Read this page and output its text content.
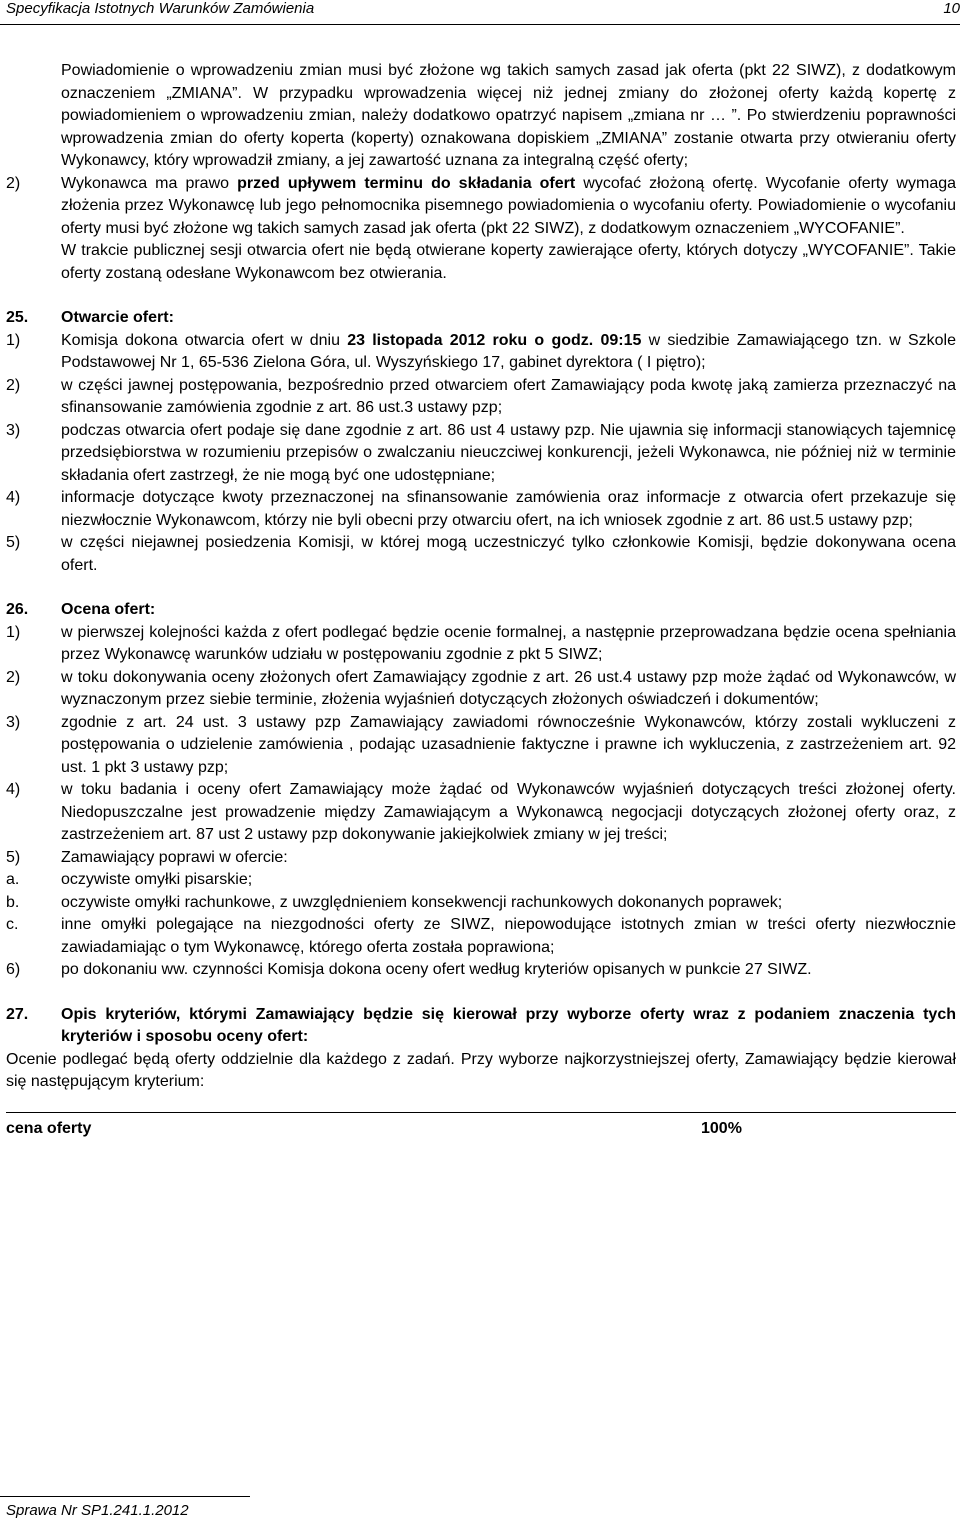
Specyfikacja Istotnych Warunków Zamówienia	10
Powiadomienie o wprowadzeniu zmian musi być złożone wg takich samych zasad jak oferta (pkt 22 SIWZ), z dodatkowym oznaczeniem „ZMIANA”. W przypadku wprowadzenia więcej niż jednej zmiany do złożonej oferty każdą kopertę z powiadomieniem o wprowadzeniu zmian, należy dodatkowo opatrzyć napisem „zmiana nr … ”. Po stwierdzeniu poprawności wprowadzenia zmian do oferty koperta (koperty) oznakowana dopiskiem „ZMIANA” zostanie otwarta przy otwieraniu oferty Wykonawcy, który wprowadził zmiany, a jej zawartość uznana za integralną część oferty;
2)	Wykonawca ma prawo przed upływem terminu do składania ofert wycofać złożoną ofertę. Wycofanie oferty wymaga złożenia przez Wykonawcę lub jego pełnomocnika pisemnego powiadomienia o wycofaniu oferty. Powiadomienie o wycofaniu oferty musi być złożone wg takich samych zasad jak oferta (pkt 22 SIWZ), z dodatkowym oznaczeniem „WYCOFANIE”.
W trakcie publicznej sesji otwarcia ofert nie będą otwierane koperty zawierające oferty, których dotyczy „WYCOFANIE”. Takie oferty zostaną odesłane Wykonawcom bez otwierania.
25. Otwarcie ofert:
1)	Komisja dokona otwarcia ofert w dniu 23 listopada 2012 roku o godz. 09:15 w siedzibie Zamawiającego tzn. w Szkole Podstawowej Nr 1, 65-536 Zielona Góra, ul. Wyszyńskiego 17, gabinet dyrektora ( I piętro);
2)	w części jawnej postępowania, bezpośrednio przed otwarciem ofert Zamawiający poda kwotę jaką zamierza przeznaczyć na sfinansowanie zamówienia zgodnie z art. 86 ust.3 ustawy pzp;
3)	podczas otwarcia ofert podaje się dane zgodnie z art. 86 ust 4 ustawy pzp. Nie ujawnia się informacji stanowiących tajemnicę przedsiębiorstwa w rozumieniu przepisów o zwalczaniu nieuczciwej konkurencji, jeżeli Wykonawca, nie później niż w terminie składania ofert zastrzegł, że nie mogą być one udostępniane;
4)	informacje dotyczące kwoty przeznaczonej na sfinansowanie zamówienia oraz informacje z otwarcia ofert przekazuje się niezwłocznie Wykonawcom, którzy nie byli obecni przy otwarciu ofert, na ich wniosek zgodnie z art. 86 ust.5 ustawy pzp;
5)	w części niejawnej posiedzenia Komisji, w której mogą uczestniczyć tylko członkowie Komisji, będzie dokonywana ocena ofert.
26. Ocena ofert:
1)	w pierwszej kolejności każda z ofert podlegać będzie ocenie formalnej, a następnie przeprowadzana będzie ocena spełniania przez Wykonawcę warunków udziału w postępowaniu zgodnie z pkt 5 SIWZ;
2)	w toku dokonywania oceny złożonych ofert Zamawiający zgodnie z art. 26 ust.4 ustawy pzp może żądać od Wykonawców, w wyznaczonym przez siebie terminie, złożenia wyjaśnień dotyczących złożonych oświadczeń i dokumentów;
3)	zgodnie z art. 24 ust. 3 ustawy pzp Zamawiający zawiadomi równocześnie Wykonawców, którzy zostali wykluczeni z postępowania o udzielenie zamówienia , podając uzasadnienie faktyczne i prawne ich wykluczenia, z zastrzeżeniem art. 92 ust. 1 pkt 3 ustawy pzp;
4)	w toku badania i oceny ofert Zamawiający może żądać od Wykonawców wyjaśnień dotyczących treści złożonej oferty. Niedopuszczalne jest prowadzenie między Zamawiającym a Wykonawcą negocjacji dotyczących złożonej oferty oraz, z zastrzeżeniem art. 87 ust 2 ustawy pzp dokonywanie jakiejkolwiek zmiany w jej treści;
5)	Zamawiający poprawi w ofercie:
a.	oczywiste omyłki pisarskie;
b.	oczywiste omyłki rachunkowe, z uwzględnieniem konsekwencji rachunkowych dokonanych poprawek;
c.	inne omyłki polegające na niezgodności oferty ze SIWZ, niepowodujące istotnych zmian w treści oferty niezwłocznie zawiadamiając o tym Wykonawcę, którego oferta została poprawiona;
6)	po dokonaniu ww. czynności Komisja dokona oceny ofert według kryteriów opisanych w punkcie 27 SIWZ.
27. Opis kryteriów, którymi Zamawiający będzie się kierował przy wyborze oferty wraz z podaniem znaczenia tych kryteriów i sposobu oceny ofert:
Ocenie podlegać będą oferty oddzielnie dla każdego z zadań. Przy wyborze najkorzystniejszej oferty, Zamawiający będzie kierował się następującym kryterium:
cena oferty	100%
Sprawa Nr SP1.241.1.2012
